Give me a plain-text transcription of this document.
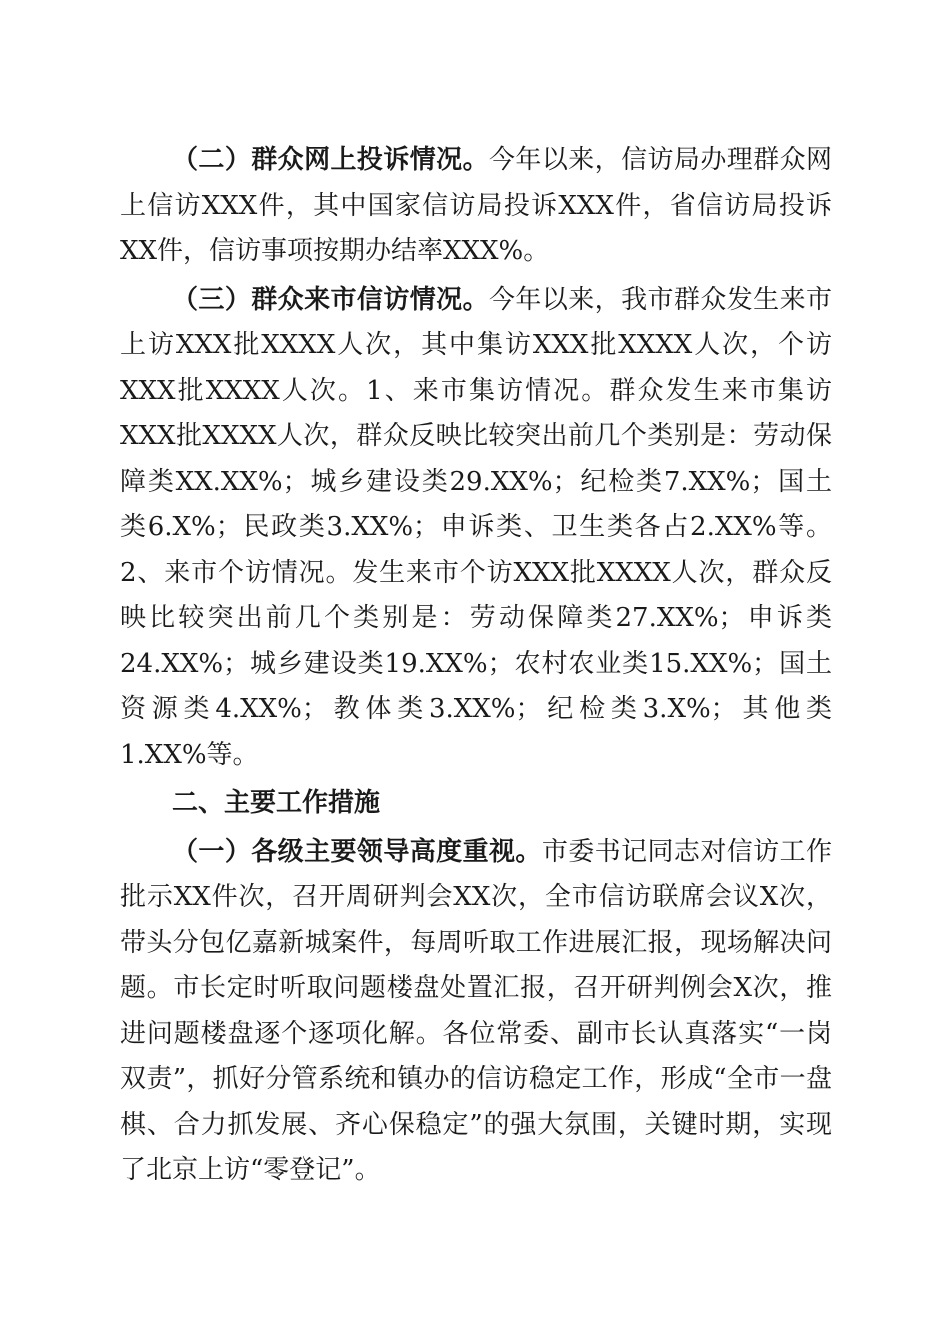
（二）群众网上投诉情况。今年以来，信访局办理群众网上信访XXX件，其中国家信访局投诉XXX件，省信访局投诉XX件，信访事项按期办结率XXX%。

（三）群众来市信访情况。今年以来，我市群众发生来市上访XXX批XXXX人次，其中集访XXX批XXXX人次，个访XXX批XXXX人次。1、来市集访情况。群众发生来市集访XXX批XXXX人次，群众反映比较突出前几个类别是：劳动保障类XX.XX%；城乡建设类29.XX%；纪检类7.XX%；国土类6.X%；民政类3.XX%；申诉类、卫生类各占2.XX%等。2、来市个访情况。发生来市个访XXX批XXXX人次，群众反映比较突出前几个类别是：劳动保障类27.XX%；申诉类24.XX%；城乡建设类19.XX%；农村农业类15.XX%；国土资源类4.XX%；教体类3.XX%；纪检类3.X%；其他类1.XX%等。

二、主要工作措施

（一）各级主要领导高度重视。市委书记同志对信访工作批示XX件次，召开周研判会XX次，全市信访联席会议X次，带头分包亿嘉新城案件，每周听取工作进展汇报，现场解决问题。市长定时听取问题楼盘处置汇报，召开研判例会X次，推进问题楼盘逐个逐项化解。各位常委、副市长认真落实“一岗双责”，抓好分管系统和镇办的信访稳定工作，形成“全市一盘棋、合力抓发展、齐心保稳定”的强大氛围，关键时期，实现了北京上访“零登记”。
